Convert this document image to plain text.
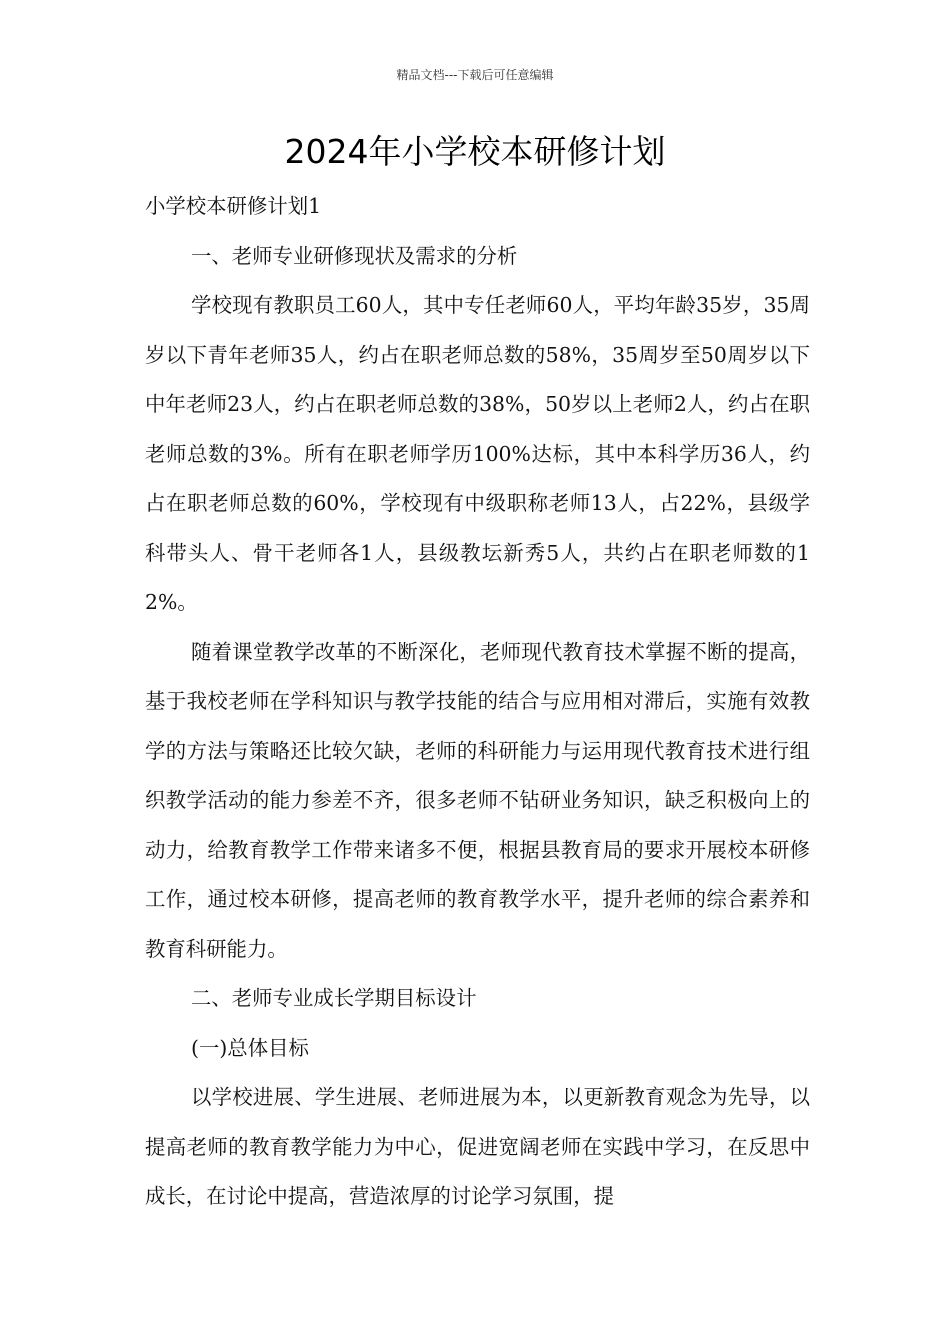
精品文档---下载后可任意编辑
2024年小学校本研修计划

小学校本研修计划1

一、老师专业研修现状及需求的分析

学校现有教职员工60人，其中专任老师60人，平均年龄35岁，35周岁以下青年老师35人，约占在职老师总数的58%，35周岁至50周岁以下中年老师23人，约占在职老师总数的38%，50岁以上老师2人，约占在职老师总数的3%。所有在职老师学历100%达标，其中本科学历36人，约占在职老师总数的60%，学校现有中级职称老师13人，占22%，县级学科带头人、骨干老师各1人，县级教坛新秀5人，共约占在职老师数的12%。

随着课堂教学改革的不断深化，老师现代教育技术掌握不断的提高，基于我校老师在学科知识与教学技能的结合与应用相对滞后，实施有效教学的方法与策略还比较欠缺，老师的科研能力与运用现代教育技术进行组织教学活动的能力参差不齐，很多老师不钻研业务知识，缺乏积极向上的动力，给教育教学工作带来诸多不便，根据县教育局的要求开展校本研修工作，通过校本研修，提高老师的教育教学水平，提升老师的综合素养和教育科研能力。

二、老师专业成长学期目标设计

(一)总体目标

以学校进展、学生进展、老师进展为本，以更新教育观念为先导，以提高老师的教育教学能力为中心，促进宽阔老师在实践中学习，在反思中成长，在讨论中提高，营造浓厚的讨论学习氛围，提
